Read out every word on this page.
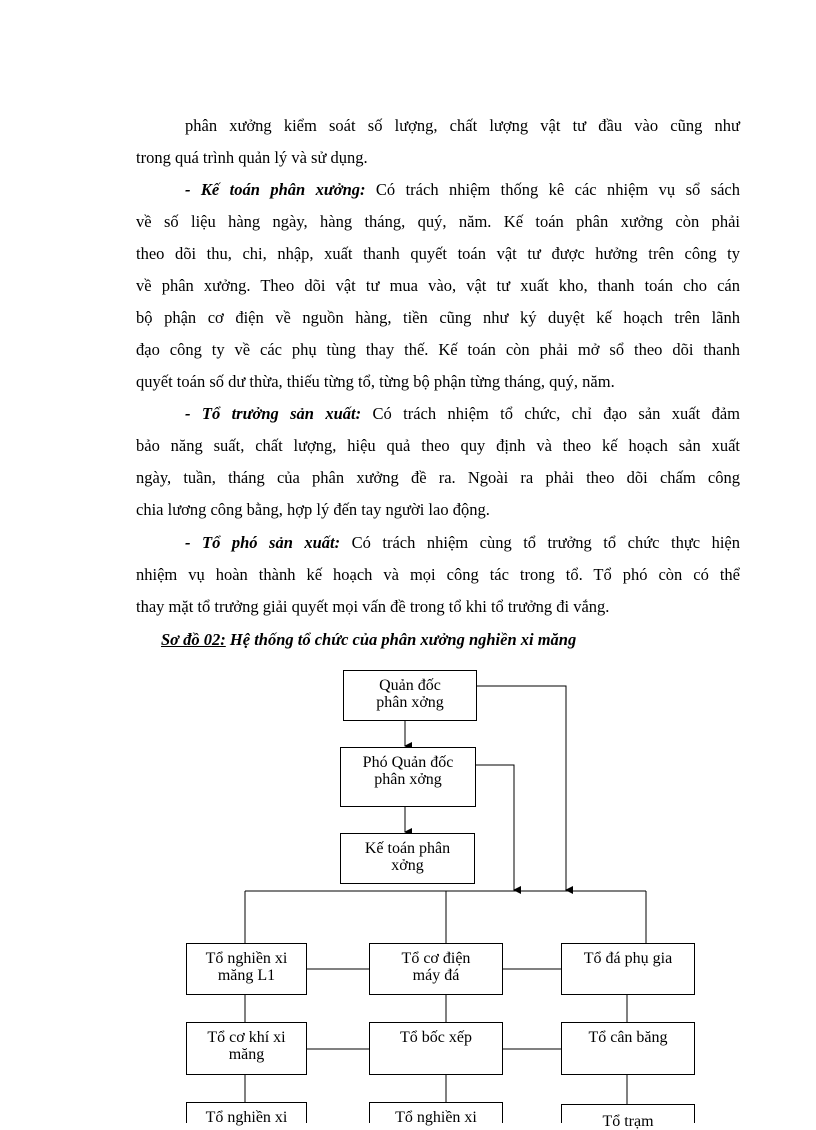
phân xưởng kiểm soát số lượng, chất lượng vật tư đầu vào cũng như
trong quá trình quản lý và sử dụng.
- Kế toán phân xưởng: Có trách nhiệm thống kê các nhiệm vụ sổ sách
về số liệu hàng ngày, hàng tháng, quý, năm. Kế toán phân xưởng còn phải
theo dõi thu, chi, nhập, xuất thanh quyết toán vật tư được hưởng trên công ty
về phân xưởng. Theo dõi vật tư mua vào, vật tư xuất kho, thanh toán cho cán
bộ phận cơ điện về nguồn hàng, tiền cũng như ký duyệt kế hoạch trên lãnh
đạo công ty về các phụ tùng thay thế. Kế toán còn phải mở sổ theo dõi thanh
quyết toán số dư thừa, thiếu từng tổ, từng bộ phận từng tháng, quý, năm.
- Tổ trưởng sản xuất: Có trách nhiệm tổ chức, chỉ đạo sản xuất đảm
bảo năng suất, chất lượng, hiệu quả theo quy định và theo kế hoạch sản xuất
ngày, tuần, tháng của phân xưởng đề ra. Ngoài ra phải theo dõi chấm công
chia lương công bằng, hợp lý đến tay người lao động.
- Tổ phó sản xuất: Có trách nhiệm cùng tổ trưởng tổ chức thực hiện
nhiệm vụ hoàn thành kế hoạch và mọi công tác trong tổ. Tổ phó còn có thể
thay mặt tổ trưởng giải quyết mọi vấn đề trong tổ khi tổ trưởng đi vắng.
Sơ đồ 02: Hệ thống tổ chức của phân xưởng nghiền xi măng
Quản đốc
phân xởng
Phó Quản đốc
phân xởng
Kế toán phân
xởng
Tổ nghiền xi
măng L1
Tổ cơ điện
máy đá
Tổ đá phụ gia
Tổ cơ khí xi
măng
Tổ bốc xếp	Tổ cân băng
Tổ nghiền xi	Tổ nghiền xi	Tổ trạm
